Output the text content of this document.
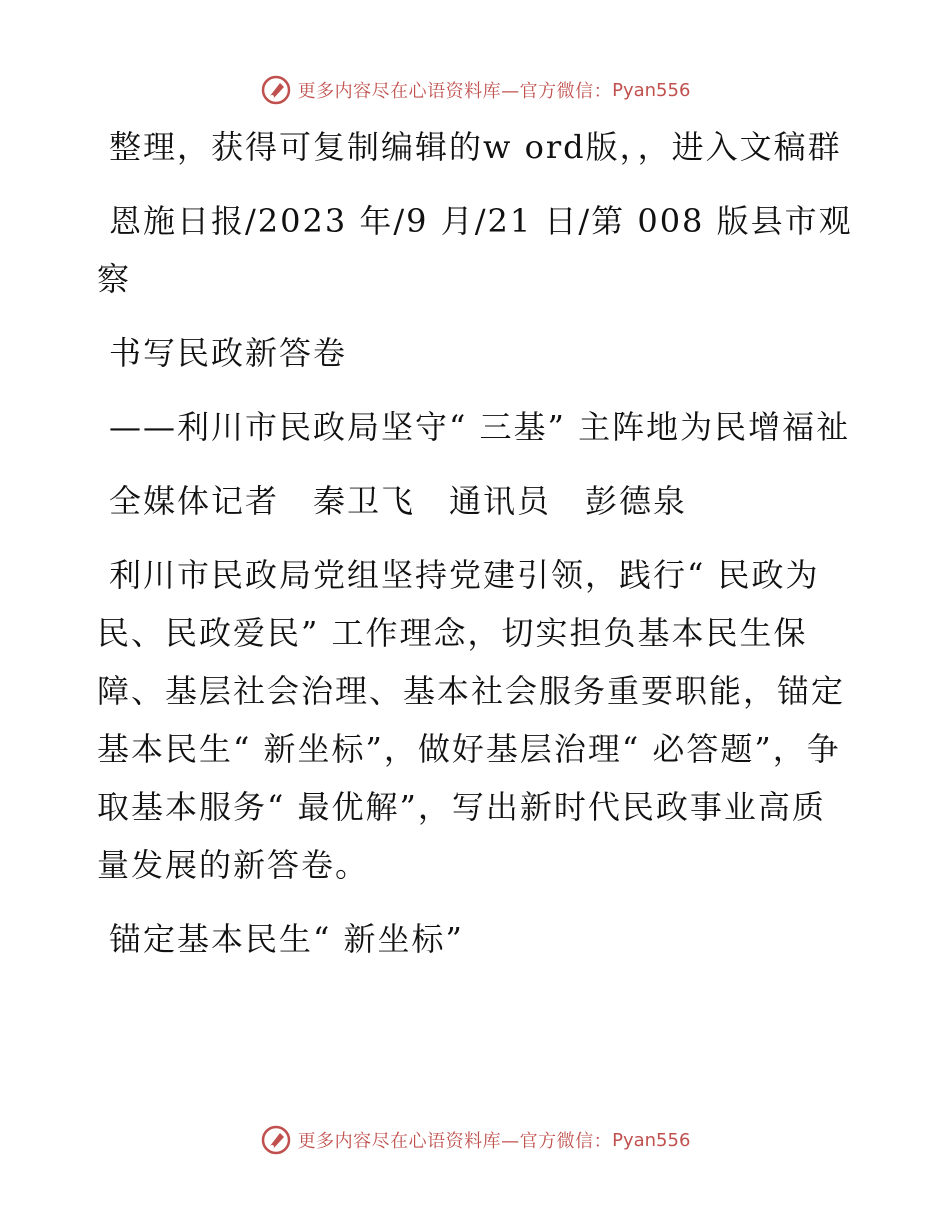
更多内容尽在心语资料库—官方微信： Pyan556

整理，获得可复制编辑的w ord版，，进入文稿群

恩施日报/2023 年/9 月/21 日/第 008 版县市观察

书写民政新答卷

——利川市民政局坚守“ 三基” 主阵地为民增福祉

全媒体记者　秦卫飞　通讯员　彭德泉

利川市民政局党组坚持党建引领，践行“ 民政为民、民政爱民” 工作理念，切实担负基本民生保障、基层社会治理、基本社会服务重要职能，锚定基本民生“ 新坐标”，做好基层治理“ 必答题”，争取基本服务“ 最优解”，写出新时代民政事业高质量发展的新答卷。

锚定基本民生“ 新坐标”

更多内容尽在心语资料库—官方微信： Pyan556
